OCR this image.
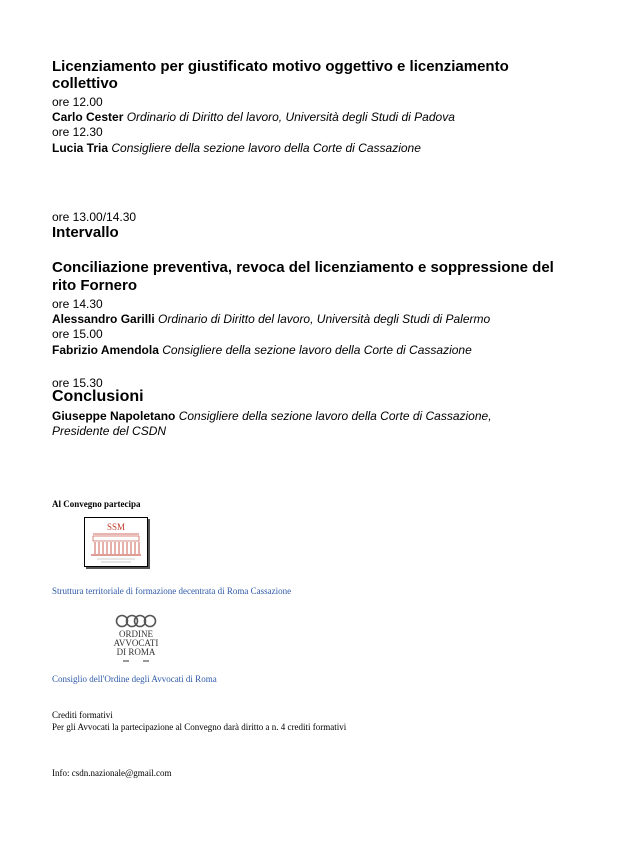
Licenziamento per giustificato motivo oggettivo e licenziamento
collettivo
ore 12.00
Carlo Cester Ordinario di Diritto del lavoro, Università degli Studi di Padova
ore 12.30
Lucia Tria Consigliere della sezione lavoro della Corte di Cassazione
ore 13.00/14.30
Intervallo
Conciliazione preventiva, revoca del licenziamento e soppressione del
rito Fornero
ore 14.30
Alessandro Garilli Ordinario di Diritto del lavoro, Università degli Studi di Palermo
ore 15.00
Fabrizio Amendola Consigliere della sezione lavoro della Corte di Cassazione
ore 15.30
Conclusioni
Giuseppe Napoletano Consigliere della sezione lavoro della Corte di Cassazione,
Presidente del CSDN
Al Convegno partecipa
SSM
Struttura territoriale di formazione decentrata di Roma Cassazione
ORDINE
AVVOCATI
DI ROMA
Consiglio dell'Ordine degli Avvocati di Roma
Crediti formativi
Per gli Avvocati la partecipazione al Convegno darà diritto a n. 4 crediti formativi
Info: csdn.nazionale@gmail.com
